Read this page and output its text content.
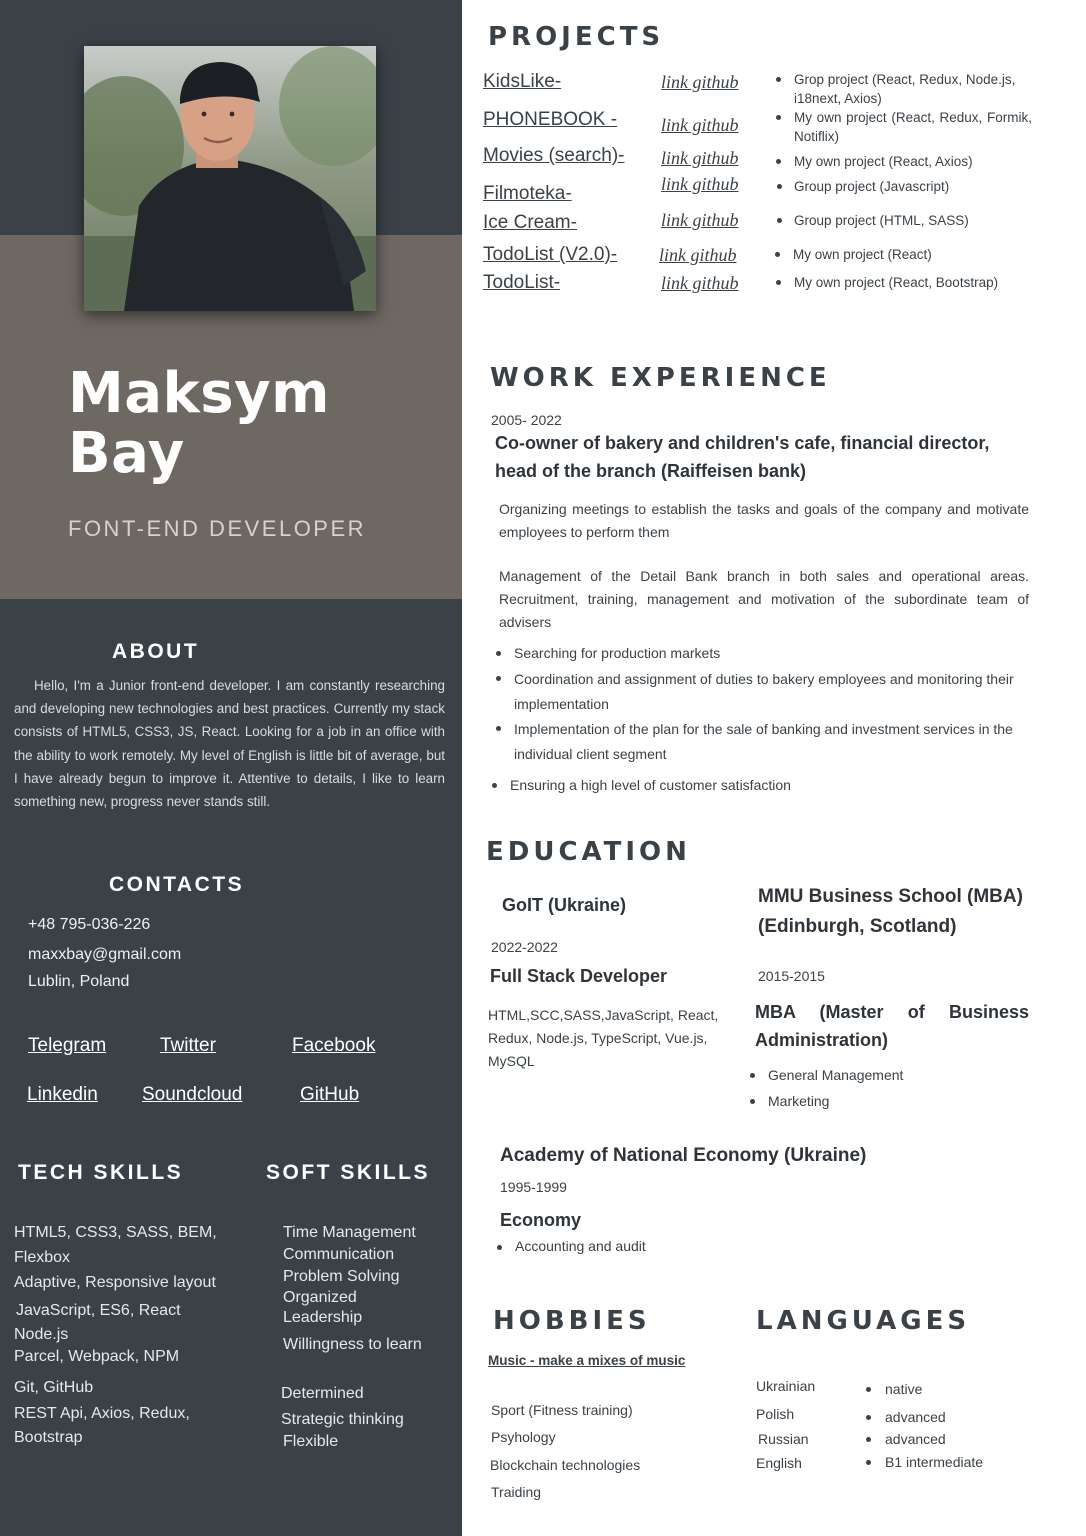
Maksym
Bay
FONT-END DEVELOPER
ABOUT
Hello, I'm a Junior front-end developer. I am constantly researching and developing new technologies and best practices. Currently my stack consists of HTML5, CSS3, JS, React. Looking for a job in an office with the ability to work remotely. My level of English is little bit of average, but I have already begun to improve it. Attentive to details, I like to learn something new, progress never stands still.
CONTACTS
+48 795-036-226
maxxbay@gmail.com
Lublin, Poland
Telegram	Twitter	Facebook
Linkedin Soundcloud	GitHub
TECH SKILLS	SOFT SKILLS
HTML5, CSS3, SASS, BEM,
Flexbox
Adaptive, Responsive layout
JavaScript, ES6, React
Node.js
Parcel, Webpack, NPM
Git, GitHub
REST Api, Axios, Redux,
Bootstrap
Time Management
Communication
Problem Solving
Organized
Leadership
Willingness to learn
Determined
Strategic thinking
Flexible
PROJECTS
KidsLike-	link github	Grop project (React, Redux, Node.js, i18next, Axios)
PHONEBOOK - link github	My own project (React, Redux, Formik, Notiflix)
Movies (search)- link github	My own project (React, Axios)
Filmoteka-	link github	Group project (Javascript)
Ice Cream-	link github	Group project (HTML, SASS)
TodoList (V2.0)- link github	My own project (React)
TodoList-	link github	My own project (React, Bootstrap)
WORK EXPERIENCE
2005- 2022
Co-owner of bakery and children's cafe, financial director,
head of the branch (Raiffeisen bank)
Organizing meetings to establish the tasks and goals of the company and motivate employees to perform them
Management of the Detail Bank branch in both sales and operational areas. Recruitment, training, management and motivation of the subordinate team of advisers
Searching for production markets
Coordination and assignment of duties to bakery employees and monitoring their implementation
Implementation of the plan for the sale of banking and investment services in the individual client segment
Ensuring a high level of customer satisfaction
EDUCATION
GoIT (Ukraine)
2022-2022
Full Stack Developer
HTML,SCC,SASS,JavaScript, React, Redux, Node.js, TypeScript, Vue.js, MySQL
MMU Business School (MBA)
(Edinburgh, Scotland)
2015-2015
MBA (Master of Business Administration)
General Management
Marketing
Academy of National Economy (Ukraine)
1995-1999
Economy
Accounting and audit
HOBBIES
Music - make a mixes of music
Sport (Fitness training)
Psyhology
Blockchain technologies
Traiding
LANGUAGES
Ukrainian	native
Polish	advanced
Russian	advanced
English	B1 intermediate
